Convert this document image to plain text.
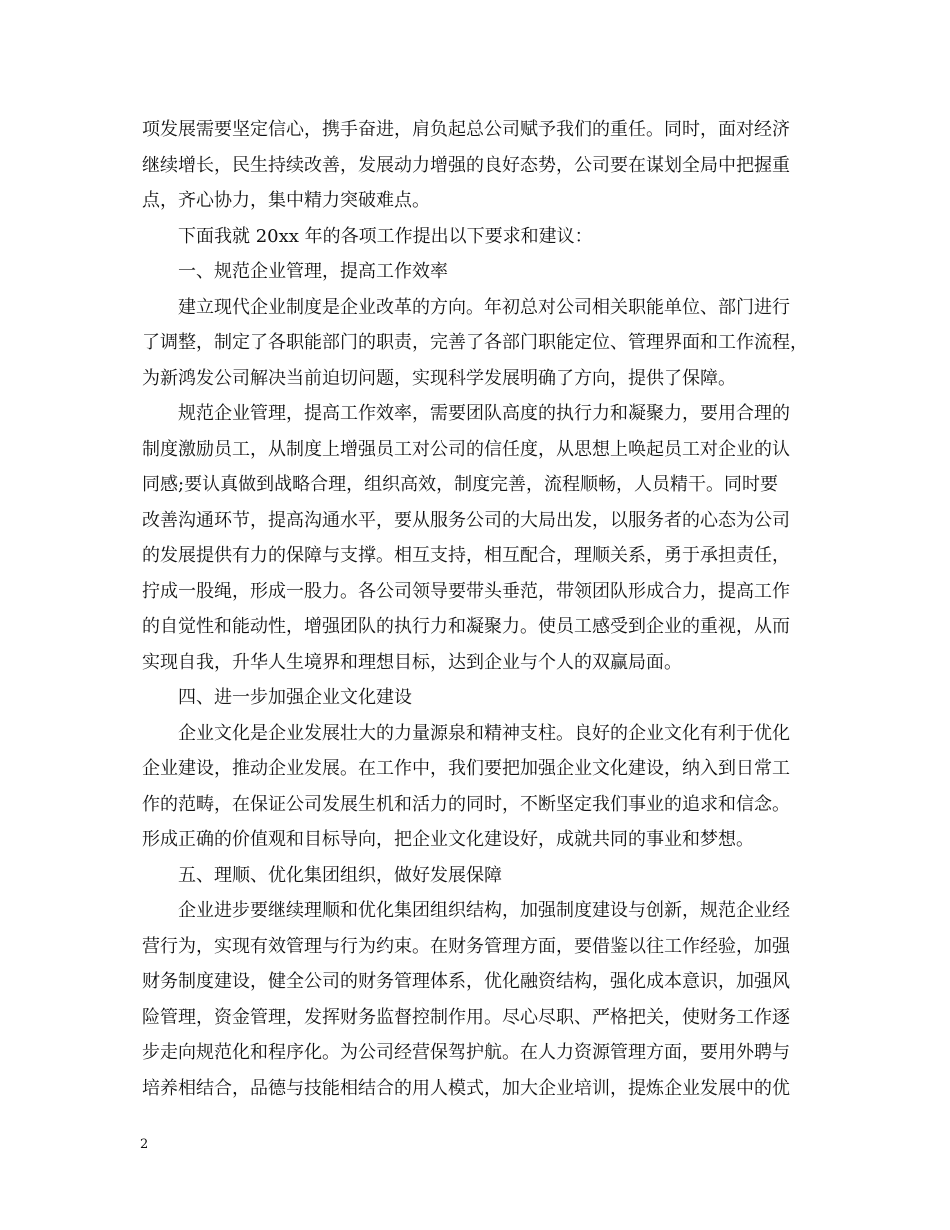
项发展需要坚定信心，携手奋进，肩负起总公司赋予我们的重任。同时，面对经济
继续增长，民生持续改善，发展动力增强的良好态势，公司要在谋划全局中把握重
点，齐心协力，集中精力突破难点。
下面我就 20xx 年的各项工作提出以下要求和建议：
一、规范企业管理，提高工作效率
建立现代企业制度是企业改革的方向。年初总对公司相关职能单位、部门进行
了调整，制定了各职能部门的职责，完善了各部门职能定位、管理界面和工作流程，
为新鸿发公司解决当前迫切问题，实现科学发展明确了方向，提供了保障。
规范企业管理，提高工作效率，需要团队高度的执行力和凝聚力，要用合理的
制度激励员工，从制度上增强员工对公司的信任度，从思想上唤起员工对企业的认
同感;要认真做到战略合理，组织高效，制度完善，流程顺畅，人员精干。同时要
改善沟通环节，提高沟通水平，要从服务公司的大局出发，以服务者的心态为公司
的发展提供有力的保障与支撑。相互支持，相互配合，理顺关系，勇于承担责任，
拧成一股绳，形成一股力。各公司领导要带头垂范，带领团队形成合力，提高工作
的自觉性和能动性，增强团队的执行力和凝聚力。使员工感受到企业的重视，从而
实现自我，升华人生境界和理想目标，达到企业与个人的双赢局面。
四、进一步加强企业文化建设
企业文化是企业发展壮大的力量源泉和精神支柱。良好的企业文化有利于优化
企业建设，推动企业发展。在工作中，我们要把加强企业文化建设，纳入到日常工
作的范畴，在保证公司发展生机和活力的同时，不断坚定我们事业的追求和信念。
形成正确的价值观和目标导向，把企业文化建设好，成就共同的事业和梦想。
五、理顺、优化集团组织，做好发展保障
企业进步要继续理顺和优化集团组织结构，加强制度建设与创新，规范企业经
营行为，实现有效管理与行为约束。在财务管理方面，要借鉴以往工作经验，加强
财务制度建设，健全公司的财务管理体系，优化融资结构，强化成本意识，加强风
险管理，资金管理，发挥财务监督控制作用。尽心尽职、严格把关，使财务工作逐
步走向规范化和程序化。为公司经营保驾护航。在人力资源管理方面，要用外聘与
培养相结合，品德与技能相结合的用人模式，加大企业培训，提炼企业发展中的优
2
